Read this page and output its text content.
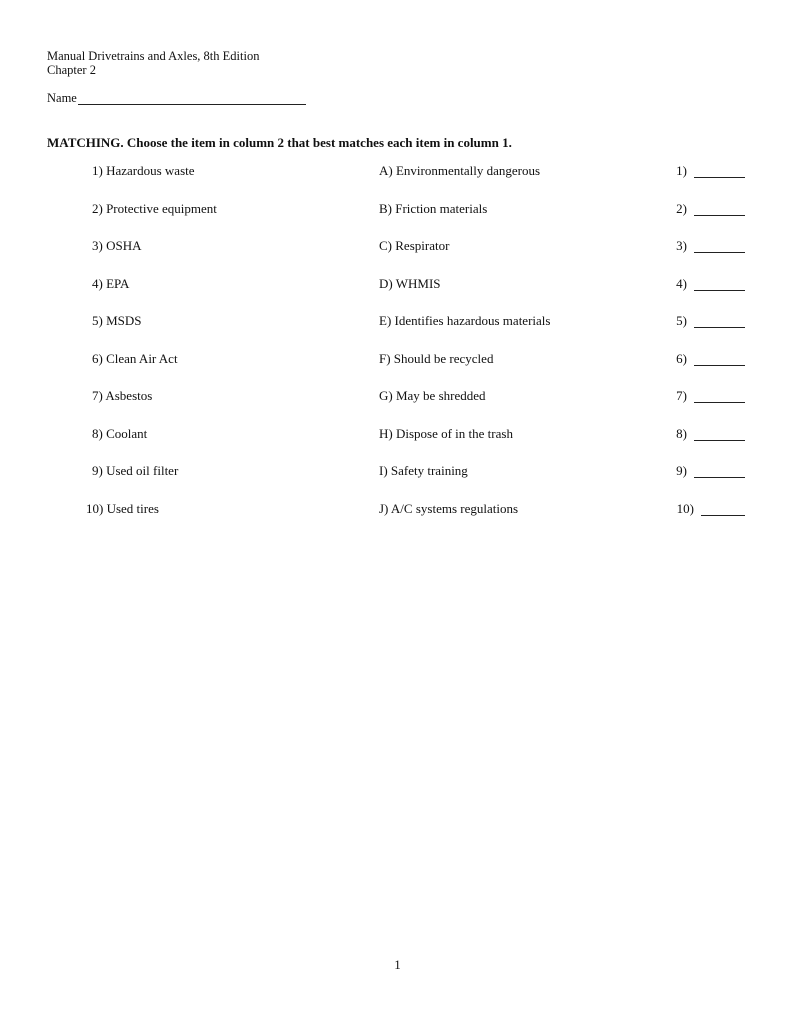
Manual Drivetrains and Axles, 8th Edition
Chapter 2
Name
MATCHING. Choose the item in column 2 that best matches each item in column 1.
1) Hazardous waste	A) Environmentally dangerous	1)
2) Protective equipment	B) Friction materials	2)
3) OSHA	C) Respirator	3)
4) EPA	D) WHMIS	4)
5) MSDS	E) Identifies hazardous materials	5)
6) Clean Air Act	F) Should be recycled	6)
7) Asbestos	G) May be shredded	7)
8) Coolant	H) Dispose of in the trash	8)
9) Used oil filter	I) Safety training	9)
10) Used tires	J) A/C systems regulations	10)
1
